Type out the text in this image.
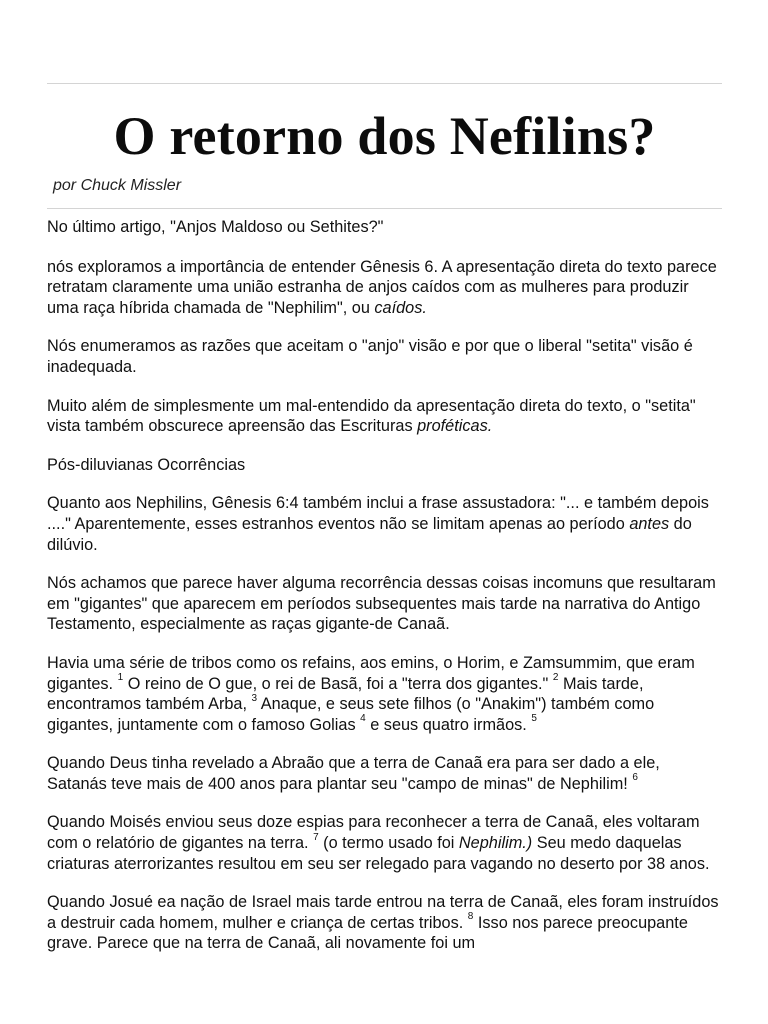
O retorno dos Nefilins?
por Chuck Missler

No último artigo, "Anjos Maldoso ou Sethites?"

nós exploramos a importância de entender Gênesis 6. A apresentação direta do texto parece retratam claramente uma união estranha de anjos caídos com as mulheres para produzir uma raça híbrida chamada de "Nephilim", ou caídos.

Nós enumeramos as razões que aceitam o "anjo" visão e por que o liberal "setita" visão é inadequada.

Muito além de simplesmente um mal-entendido da apresentação direta do texto, o "setita" vista também obscurece apreensão das Escrituras proféticas.

Pós-diluvianas Ocorrências

Quanto aos Nephilins, Gênesis 6:4 também inclui a frase assustadora: "... e também depois ...." Aparentemente, esses estranhos eventos não se limitam apenas ao período antes do dilúvio.

Nós achamos que parece haver alguma recorrência dessas coisas incomuns que resultaram em "gigantes" que aparecem em períodos subsequentes mais tarde na narrativa do Antigo Testamento, especialmente as raças gigante-de Canaã.

Havia uma série de tribos como os refains, aos emins, o Horim, e Zamsummim, que eram gigantes. $^1$ O reino de O gue, o rei de Basã, foi a "terra dos gigantes." $^2$ Mais tarde, encontramos também Arba, $^3$ Anaque, e seus sete filhos (o "Anakim") também como gigantes, juntamente com o famoso Golias $^4$ e seus quatro irmãos. $^5$

Quando Deus tinha revelado a Abraão que a terra de Canaã era para ser dado a ele, Satanás teve mais de 400 anos para plantar seu "campo de minas" de Nephilim! $^6$

Quando Moisés enviou seus doze espias para reconhecer a terra de Canaã, eles voltaram com o relatório de gigantes na terra. $^7$ (o termo usado foi Nephilim.) Seu medo daquelas criaturas aterrorizantes resultou em seu ser relegado para vagando no deserto por 38 anos.

Quando Josué ea nação de Israel mais tarde entrou na terra de Canaã, eles foram instruídos a destruir cada homem, mulher e criança de certas tribos. $^8$ Isso nos parece preocupante grave. Parece que na terra de Canaã, ali novamente foi um
